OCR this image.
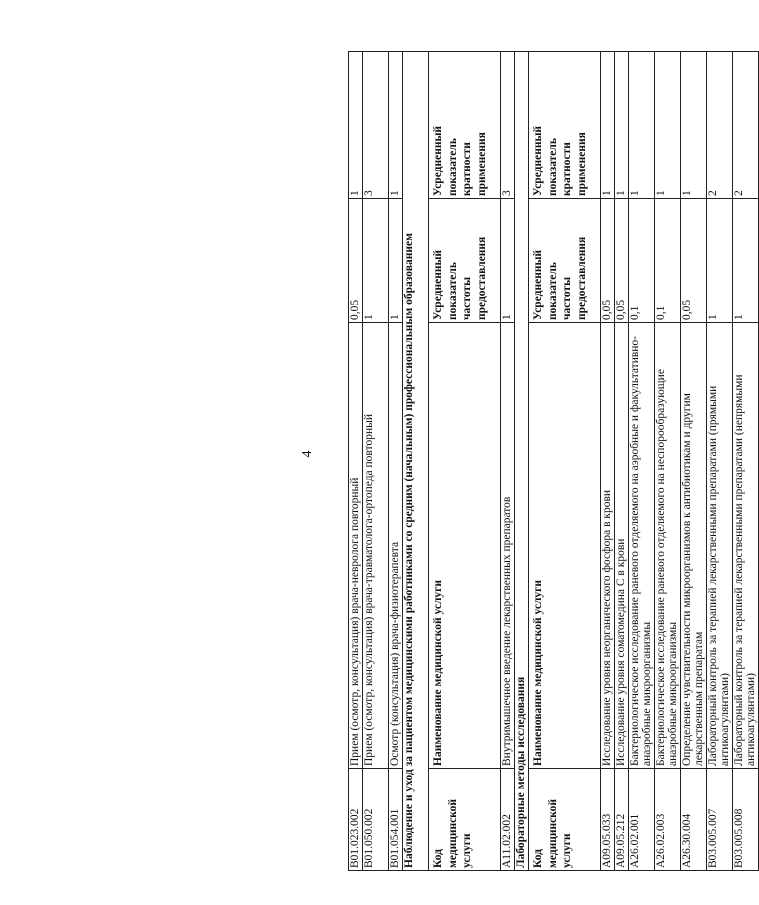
4
B01.023.002	Прием (осмотр, консультация) врача-невролога повторный	0,05	1
B01.050.002	Прием (осмотр, консультация) врача-травматолога-ортопеда повторный	1	3
B01.054.001	Осмотр (консультация) врача-физиотерапевта	1	1
Наблюдение и уход за пациентом медицинскими работниками со средним (начальным) профессиональным образованием			

Код медицинской услуги	Наименование медицинской услуги	Усредненный показатель частоты предоставления	Усредненный показатель кратности применения

A11.02.002	Внутримышечное введение лекарственных препаратов	1	3
Лабораторные методы исследования			

Код медицинской услуги	Наименование медицинской услуги	Усредненный показатель частоты предоставления	Усредненный показатель кратности применения

A09.05.033	Исследование уровня неорганического фосфора в крови	0,05	1
A09.05.212	Исследование уровня соматомедина С в крови	0,05	1
A26.02.001	Бактериологическое исследование раневого отделяемого на аэробные и факультативно-анаэробные микроорганизмы	0,1	1
A26.02.003	Бактериологическое исследование раневого отделяемого на неспорообразующие анаэробные микроорганизмы	0,1	1
A26.30.004	Определение чувствительности микроорганизмов к антибиотикам и другим лекарственным препаратам	0,05	1
B03.005.007	Лабораторный контроль за терапией лекарственными препаратами (прямыми антикоагулянтами)	1	2
B03.005.008	Лабораторный контроль за терапией лекарственными препаратами (непрямыми антикоагулянтами)	1	2
